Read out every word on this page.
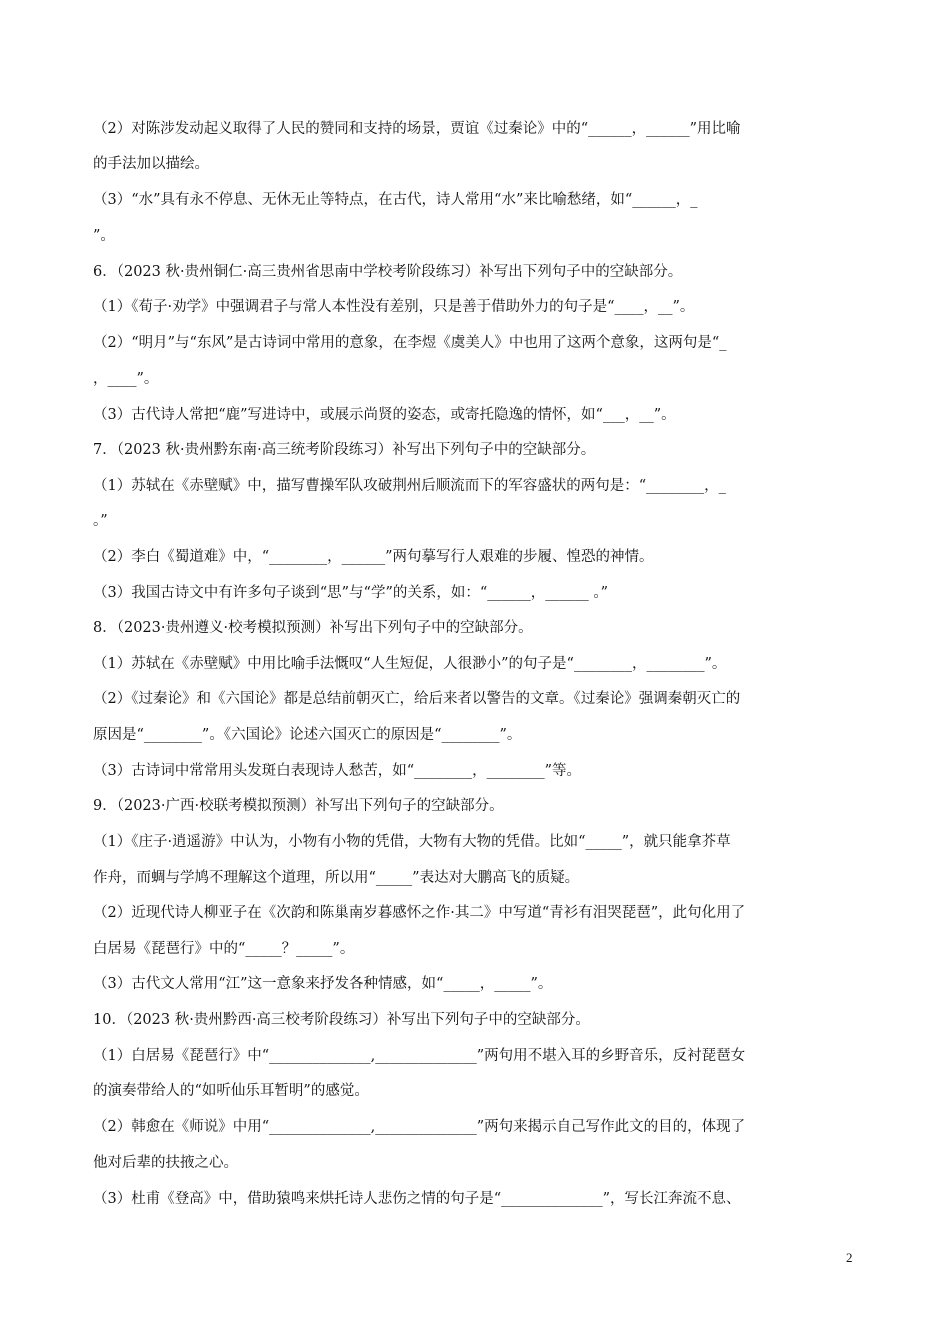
（2）对陈涉发动起义取得了人民的赞同和支持的场景，贾谊《过秦论》中的“______，______”用比喻
的手法加以描绘。
（3）“水”具有永不停息、无休无止等特点，在古代，诗人常用“水”来比喻愁绪，如“______，_
”。
6．（2023 秋·贵州铜仁·高三贵州省思南中学校考阶段练习）补写出下列句子中的空缺部分。
（1）《荀子·劝学》中强调君子与常人本性没有差别，只是善于借助外力的句子是“____，__”。
（2）“明月”与“东风”是古诗词中常用的意象，在李煜《虞美人》中也用了这两个意象，这两句是“_
，____”。
（3）古代诗人常把“鹿”写进诗中，或展示尚贤的姿态，或寄托隐逸的情怀，如“___，__”。
7．（2023 秋·贵州黔东南·高三统考阶段练习）补写出下列句子中的空缺部分。
（1）苏轼在《赤壁赋》中，描写曹操军队攻破荆州后顺流而下的军容盛状的两句是：“________，_
。”
（2）李白《蜀道难》中，“________，______”两句摹写行人艰难的步履、惶恐的神情。
（3）我国古诗文中有许多句子谈到“思”与“学”的关系，如：“______，______ 。”
8．（2023·贵州遵义·校考模拟预测）补写出下列句子中的空缺部分。
（1）苏轼在《赤壁赋》中用比喻手法慨叹“人生短促，人很渺小”的句子是“________，________”。
（2）《过秦论》和《六国论》都是总结前朝灭亡，给后来者以警告的文章。《过秦论》强调秦朝灭亡的
原因是“________”。《六国论》论述六国灭亡的原因是“________”。
（3）古诗词中常常用头发斑白表现诗人愁苦，如“________，________”等。
9．（2023·广西·校联考模拟预测）补写出下列句子的空缺部分。
（1）《庄子·逍遥游》中认为，小物有小物的凭借，大物有大物的凭借。比如“_____”，就只能拿芥草
作舟，而蜩与学鸠不理解这个道理，所以用“_____”表达对大鹏高飞的质疑。
（2）近现代诗人柳亚子在《次韵和陈巢南岁暮感怀之作·其二》中写道“青衫有泪哭琵琶”，此句化用了
白居易《琵琶行》中的“_____？_____”。
（3）古代文人常用“江”这一意象来抒发各种情感，如“_____，_____”。
10．（2023 秋·贵州黔西·高三校考阶段练习）补写出下列句子中的空缺部分。
（1）白居易《琵琶行》中“______________,______________”两句用不堪入耳的乡野音乐，反衬琵琶女
的演奏带给人的“如听仙乐耳暂明”的感觉。
（2）韩愈在《师说》中用“______________,______________”两句来揭示自己写作此文的目的，体现了
他对后辈的扶掖之心。
（3）杜甫《登高》中，借助猿鸣来烘托诗人悲伤之情的句子是“______________”，写长江奔流不息、
2
